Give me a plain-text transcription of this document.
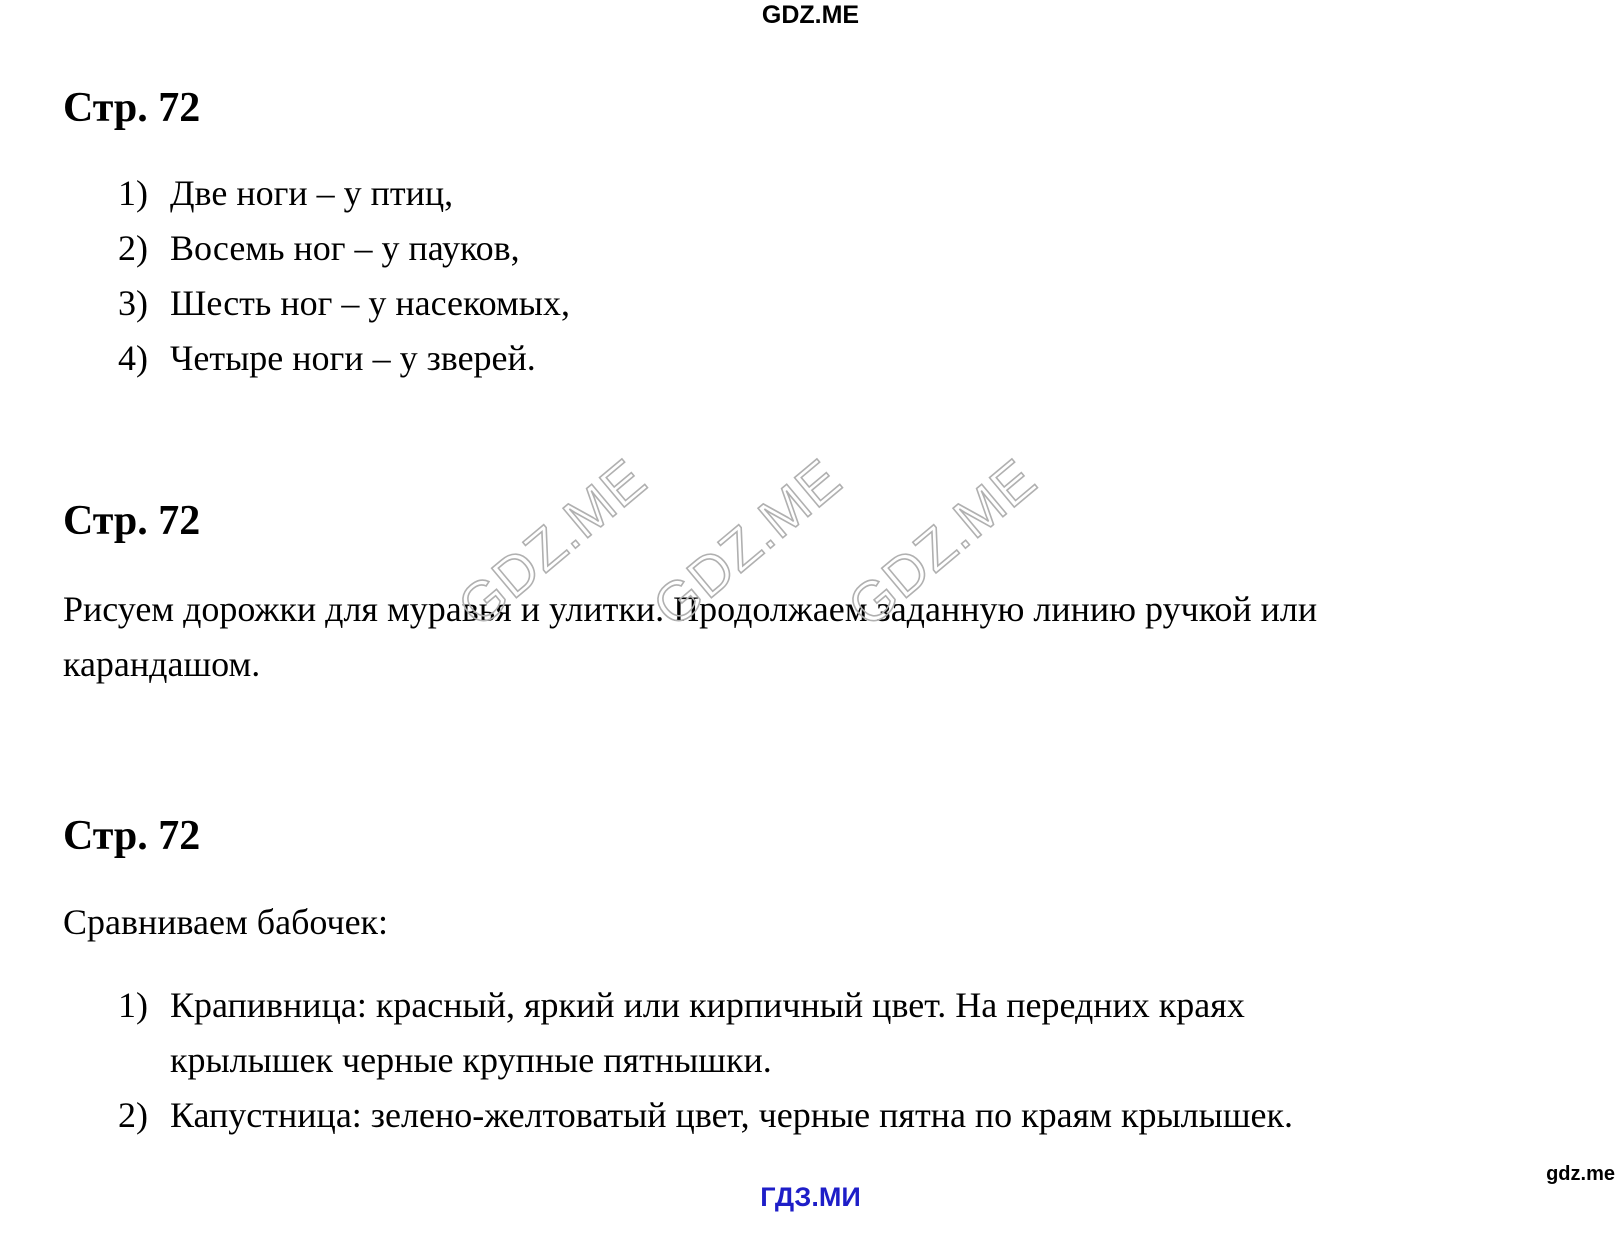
GDZ.ME
Стр. 72
1) Две ноги – у птиц,
2) Восемь ног – у пауков,
3) Шесть ног – у насекомых,
4) Четыре ноги – у зверей.
Стр. 72

Рисуем дорожки для муравья и улитки. Продолжаем заданную линию ручкой или карандашом.

GDZ.ME
GDZ.ME
GDZ.ME
Стр. 72

Сравниваем бабочек:

1) Крапивница: красный, яркий или кирпичный цвет. На передних краях крылышек черные крупные пятнышки.
2) Капустница: зелено-желтоватый цвет, черные пятна по краям крылышек.
gdz.me
ГДЗ.МИ
